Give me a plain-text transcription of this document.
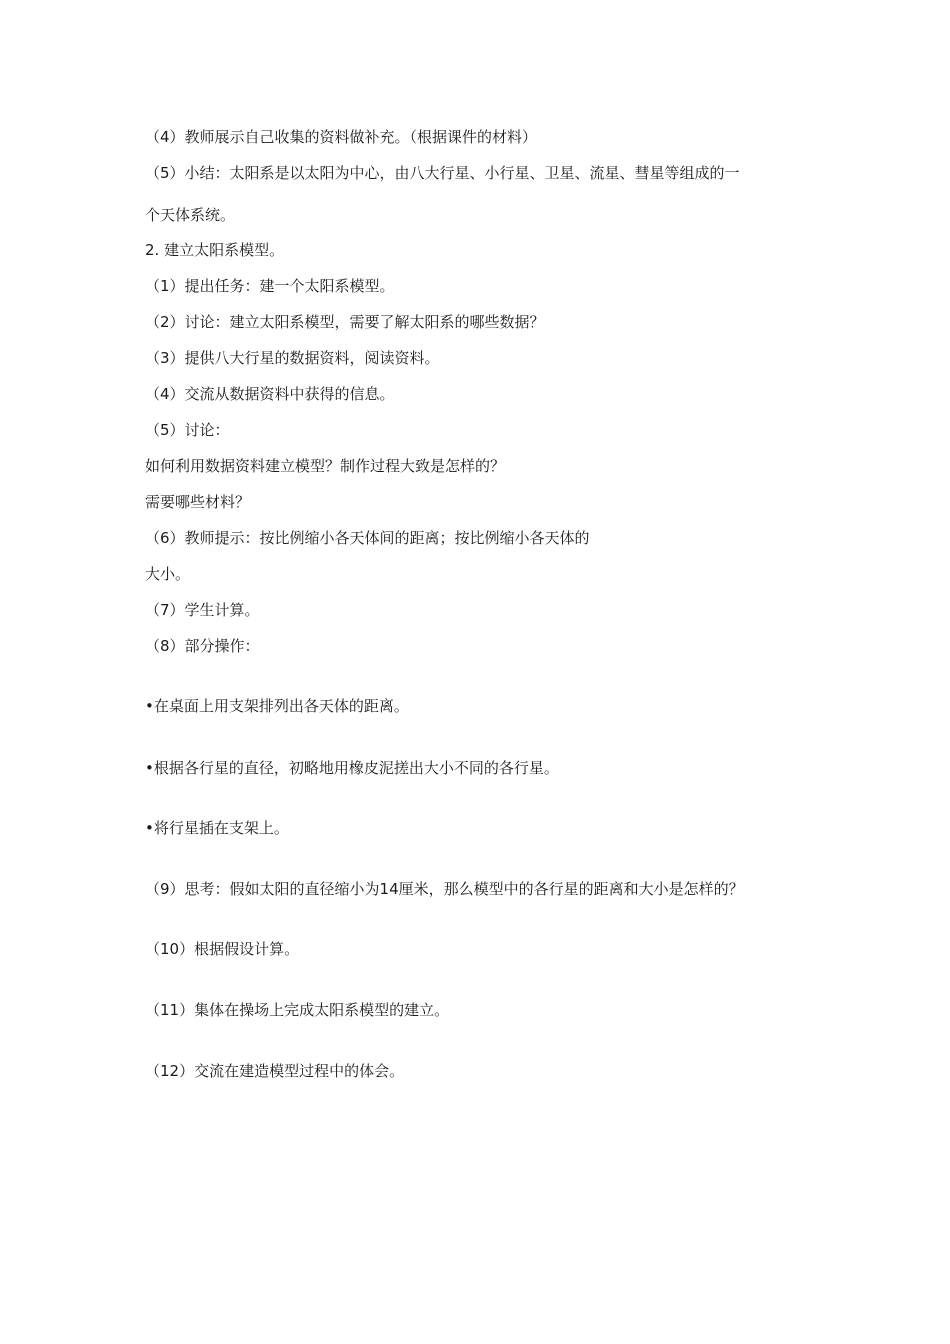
（4）教师展示自己收集的资料做补充。（根据课件的材料）
（5）小结：太阳系是以太阳为中心，由八大行星、小行星、卫星、流星、彗星等组成的一
个天体系统。
2. 建立太阳系模型。
（1）提出任务：建一个太阳系模型。
（2）讨论：建立太阳系模型，需要了解太阳系的哪些数据？
（3）提供八大行星的数据资料，阅读资料。
（4）交流从数据资料中获得的信息。
（5）讨论：
如何利用数据资料建立模型？制作过程大致是怎样的？
需要哪些材料？
（6）教师提示：按比例缩小各天体间的距离；按比例缩小各天体的
大小。
（7）学生计算。
（8）部分操作：
•在桌面上用支架排列出各天体的距离。
•根据各行星的直径，初略地用橡皮泥搓出大小不同的各行星。
•将行星插在支架上。
（9）思考：假如太阳的直径缩小为14厘米，那么模型中的各行星的距离和大小是怎样的？
（10）根据假设计算。
（11）集体在操场上完成太阳系模型的建立。
（12）交流在建造模型过程中的体会。
